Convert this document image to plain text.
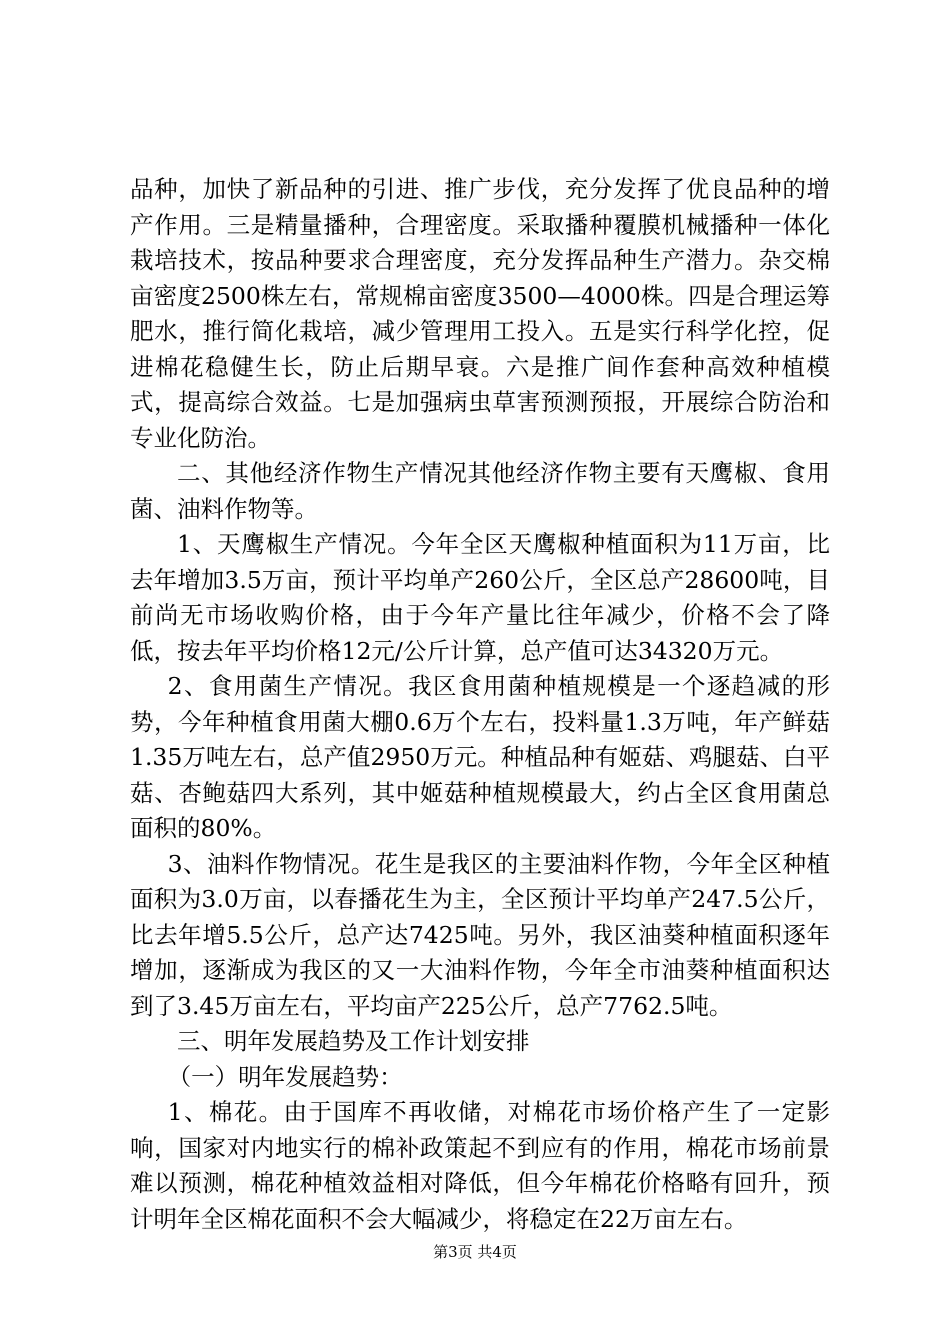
品种，加快了新品种的引进、推广步伐，充分发挥了优良品种的增产作用。三是精量播种，合理密度。采取播种覆膜机械播种一体化栽培技术，按品种要求合理密度，充分发挥品种生产潜力。杂交棉亩密度2500株左右，常规棉亩密度3500—4000株。四是合理运筹肥水，推行简化栽培，减少管理用工投入。五是实行科学化控，促进棉花稳健生长，防止后期早衰。六是推广间作套种高效种植模式，提高综合效益。七是加强病虫草害预测预报，开展综合防治和专业化防治。

二、其他经济作物生产情况其他经济作物主要有天鹰椒、食用菌、油料作物等。

1、天鹰椒生产情况。今年全区天鹰椒种植面积为11万亩，比去年增加3.5万亩，预计平均单产260公斤，全区总产28600吨，目前尚无市场收购价格，由于今年产量比往年减少，价格不会了降低，按去年平均价格12元/公斤计算，总产值可达34320万元。

2、食用菌生产情况。我区食用菌种植规模是一个逐趋减的形势，今年种植食用菌大棚0.6万个左右，投料量1.3万吨，年产鲜菇1.35万吨左右，总产值2950万元。种植品种有姬菇、鸡腿菇、白平菇、杏鲍菇四大系列，其中姬菇种植规模最大，约占全区食用菌总面积的80%。

3、油料作物情况。花生是我区的主要油料作物，今年全区种植面积为3.0万亩，以春播花生为主，全区预计平均单产247.5公斤，比去年增5.5公斤，总产达7425吨。另外，我区油葵种植面积逐年增加，逐渐成为我区的又一大油料作物，今年全市油葵种植面积达到了3.45万亩左右，平均亩产225公斤，总产7762.5吨。

三、明年发展趋势及工作计划安排

（一）明年发展趋势：

1、棉花。由于国库不再收储，对棉花市场价格产生了一定影响，国家对内地实行的棉补政策起不到应有的作用，棉花市场前景难以预测，棉花种植效益相对降低，但今年棉花价格略有回升，预计明年全区棉花面积不会大幅减少，将稳定在22万亩左右。

第3页 共4页
